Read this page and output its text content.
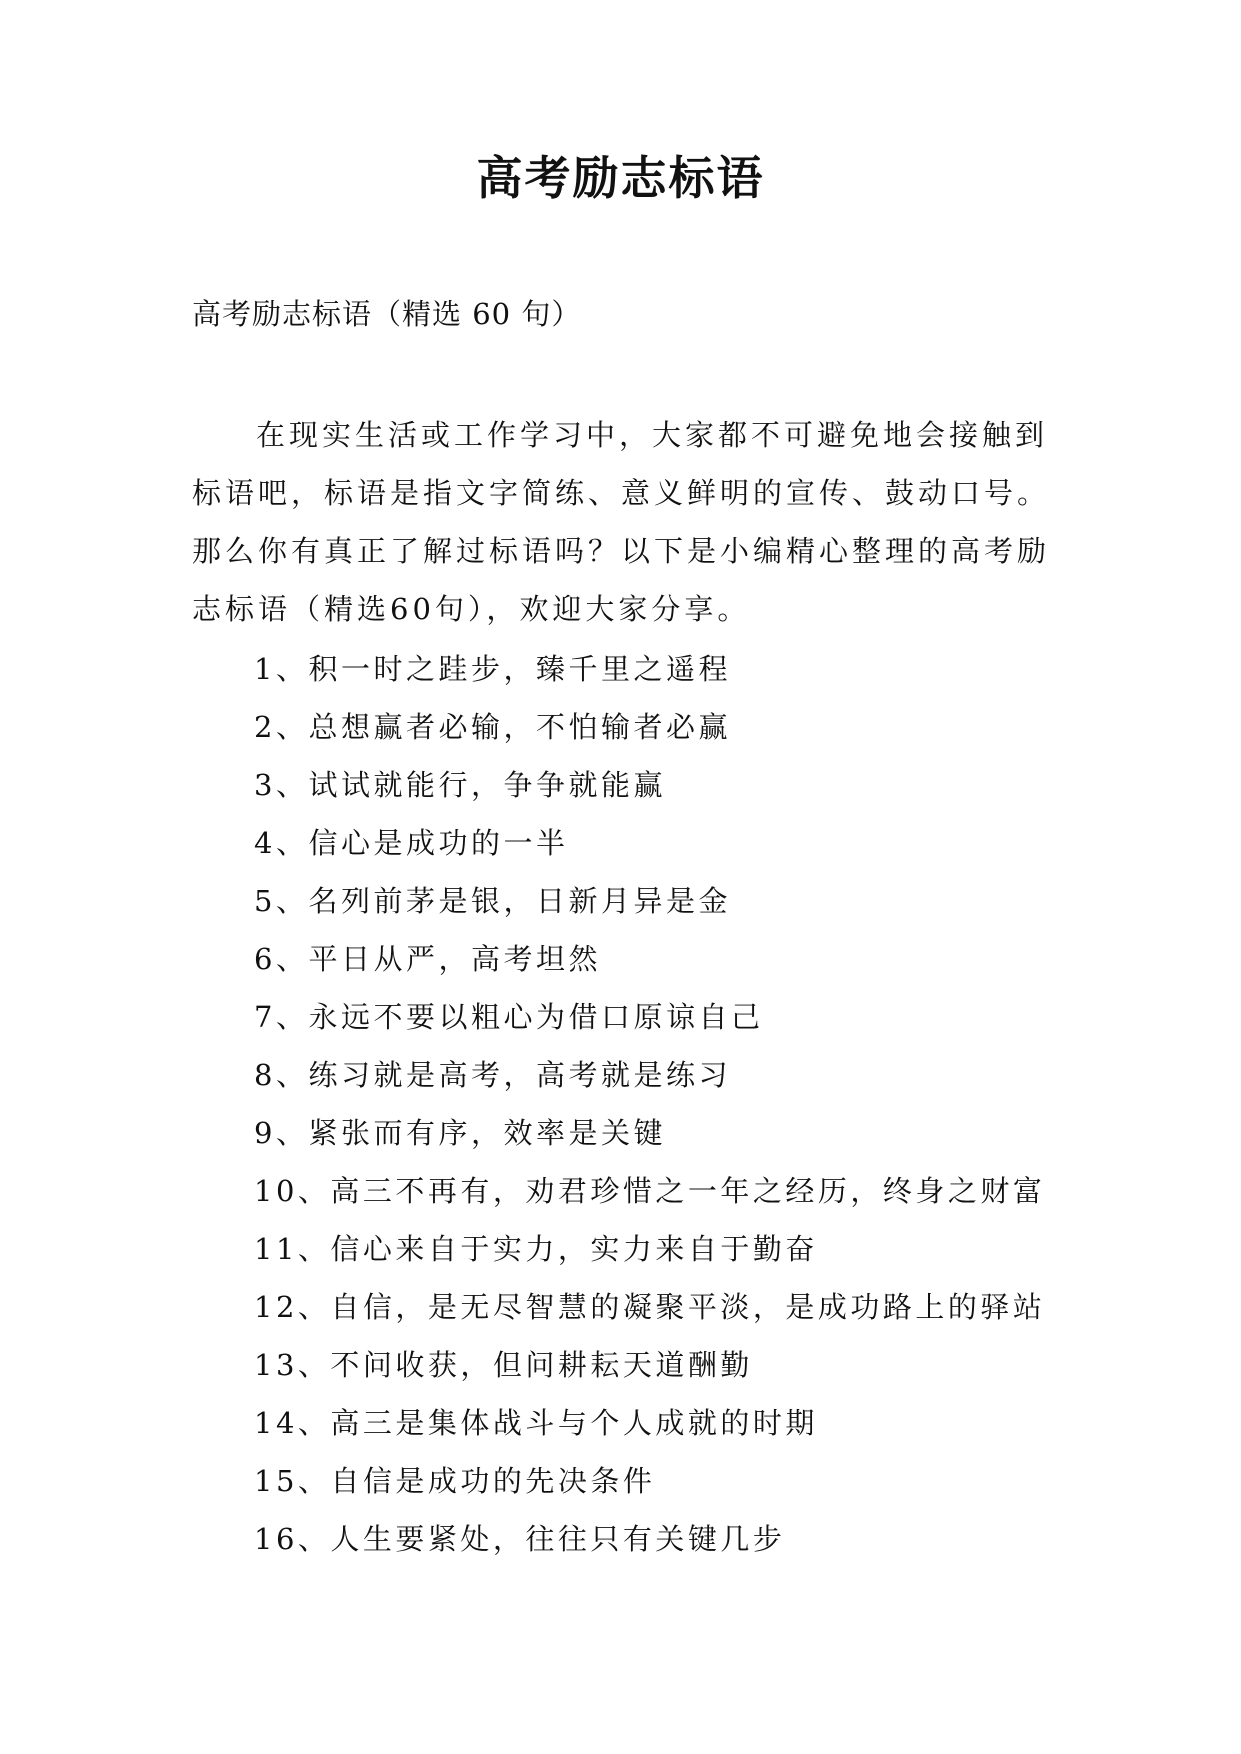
高考励志标语
高考励志标语（精选 60 句）

在现实生活或工作学习中，大家都不可避免地会接触到标语吧，标语是指文字简练、意义鲜明的宣传、鼓动口号。那么你有真正了解过标语吗？以下是小编精心整理的高考励志标语（精选60句），欢迎大家分享。

1、积一时之跬步，臻千里之遥程
2、总想赢者必输，不怕输者必赢
3、试试就能行，争争就能赢
4、信心是成功的一半
5、名列前茅是银，日新月异是金
6、平日从严，高考坦然
7、永远不要以粗心为借口原谅自己
8、练习就是高考，高考就是练习
9、紧张而有序，效率是关键
10、高三不再有，劝君珍惜之一年之经历，终身之财富
11、信心来自于实力，实力来自于勤奋
12、自信，是无尽智慧的凝聚平淡，是成功路上的驿站
13、不问收获，但问耕耘天道酬勤
14、高三是集体战斗与个人成就的时期
15、自信是成功的先决条件
16、人生要紧处，往往只有关键几步
